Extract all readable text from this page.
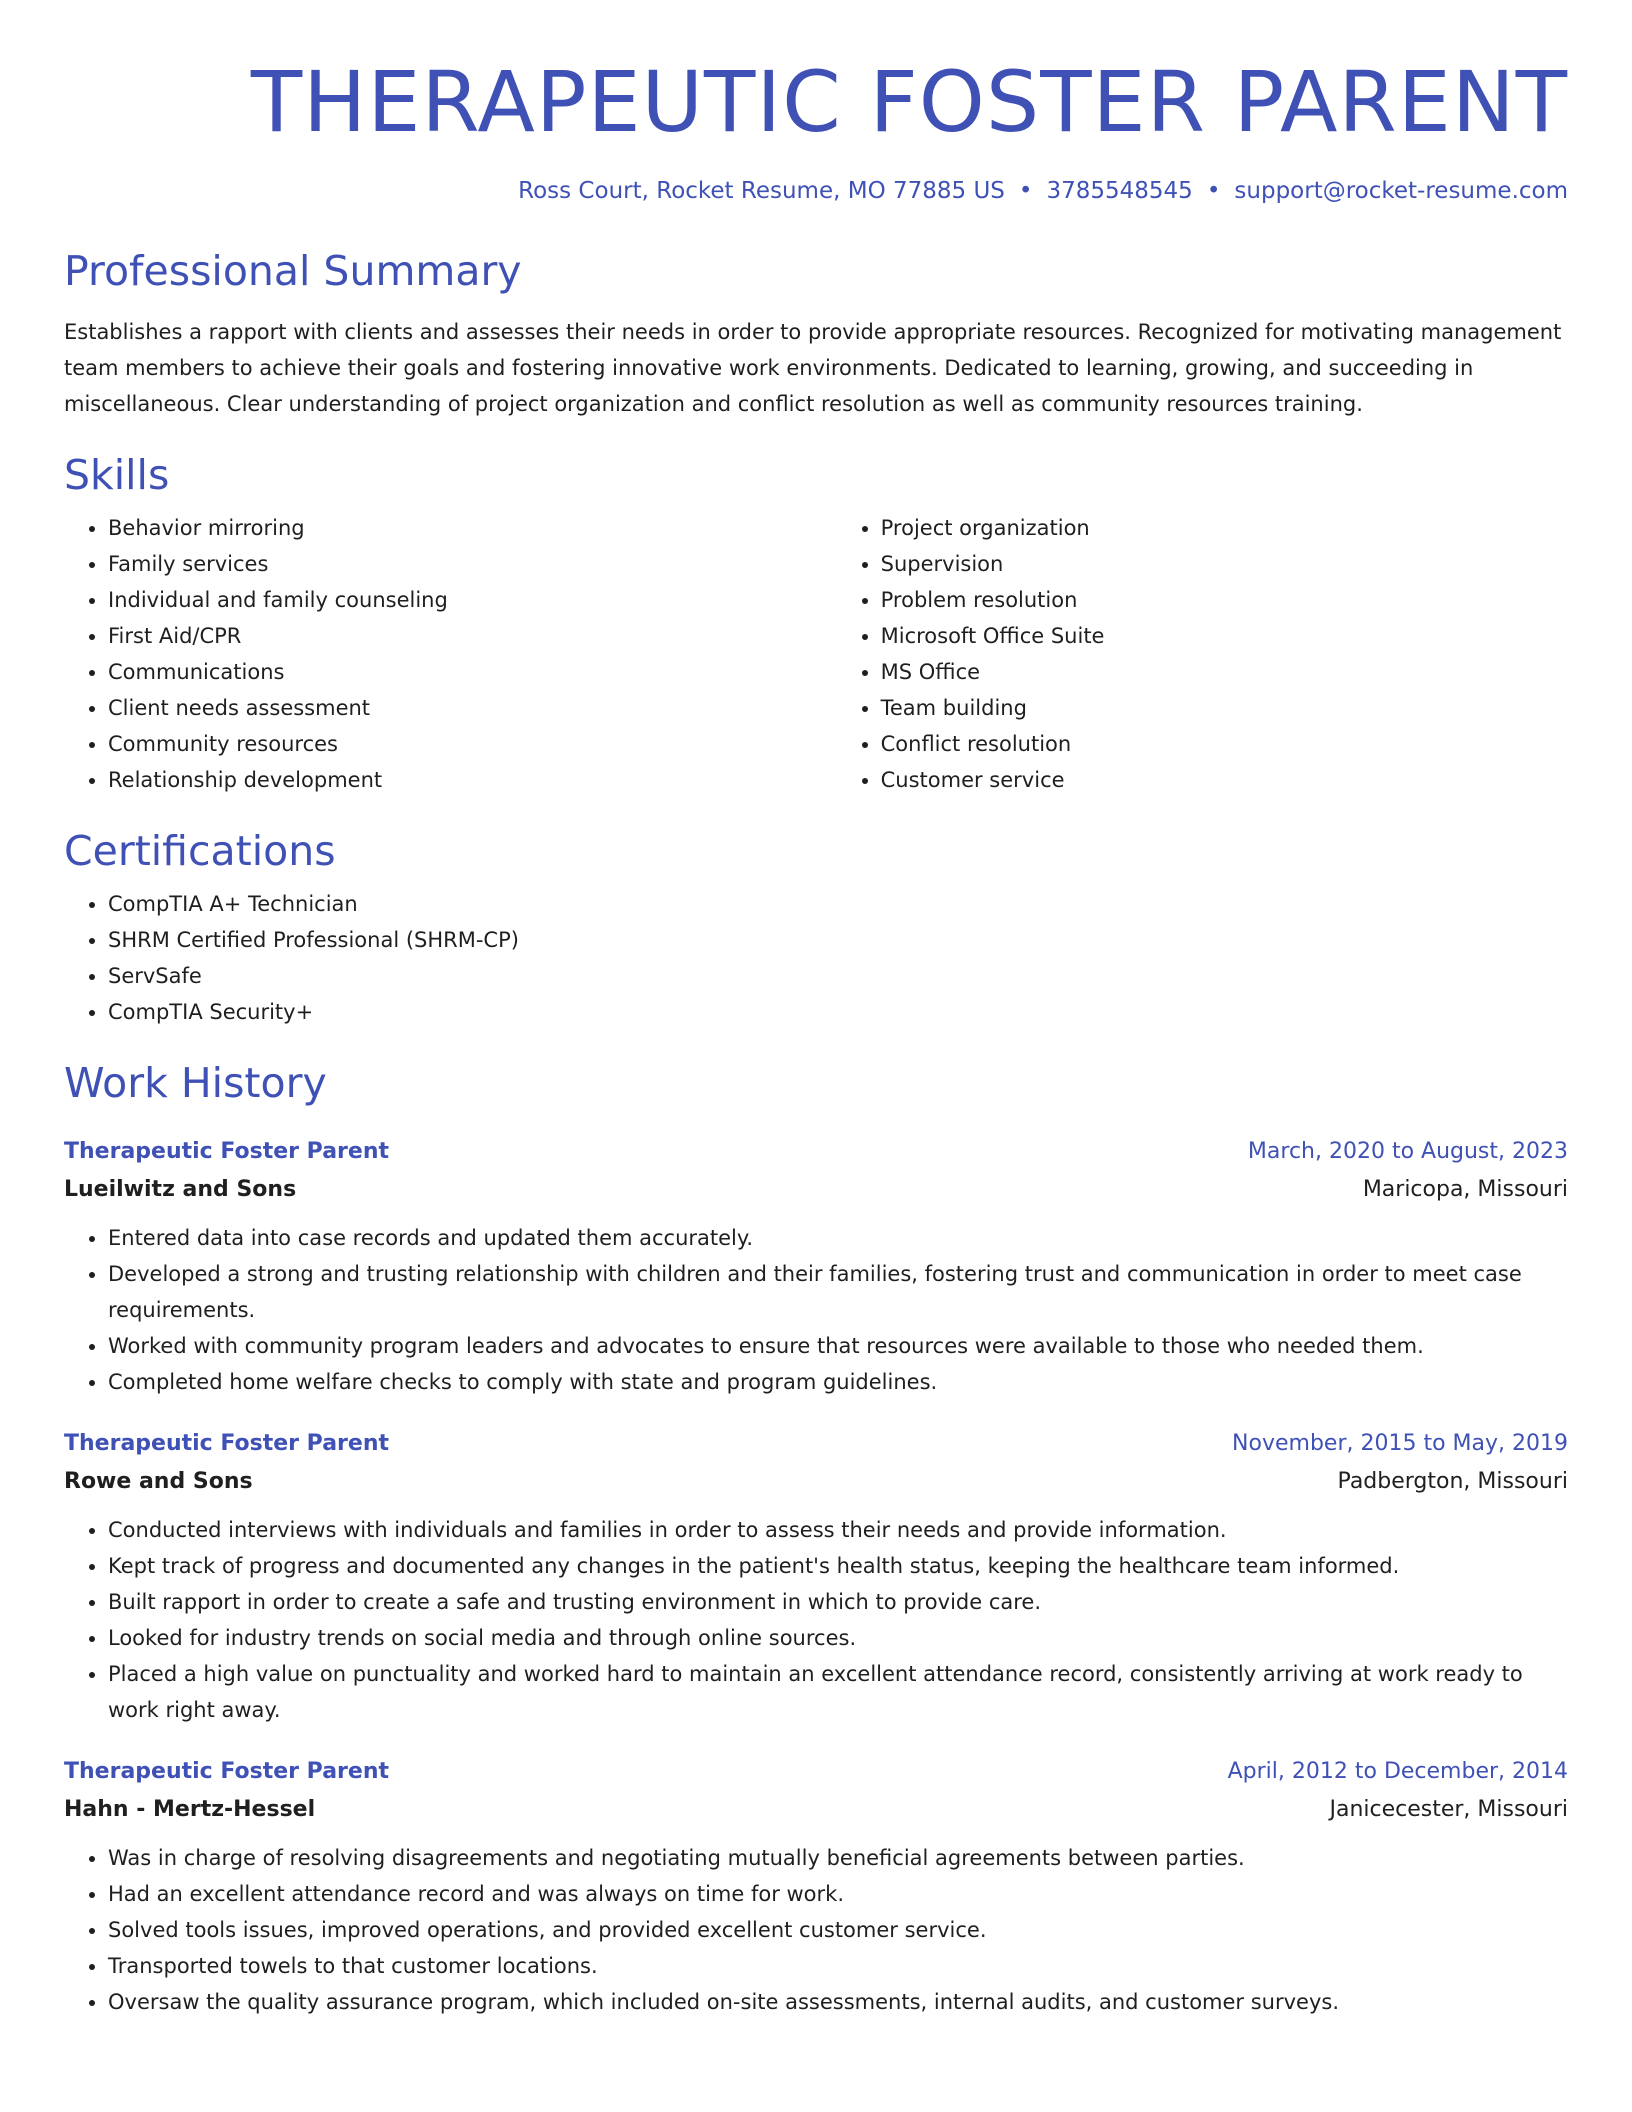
THERAPEUTIC FOSTER PARENT
Ross Court, Rocket Resume, MO 77885 US • 3785548545 • support@rocket-resume.com
Professional Summary

Establishes a rapport with clients and assesses their needs in order to provide appropriate resources. Recognized for motivating management team members to achieve their goals and fostering innovative work environments. Dedicated to learning, growing, and succeeding in miscellaneous. Clear understanding of project organization and conflict resolution as well as community resources training.

Skills
• Behavior mirroring
• Family services
• Individual and family counseling
• First Aid/CPR
• Communications
• Client needs assessment
• Community resources
• Relationship development
• Project organization
• Supervision
• Problem resolution
• Microsoft Office Suite
• MS Office
• Team building
• Conflict resolution
• Customer service
Certifications
• CompTIA A+ Technician
• SHRM Certified Professional (SHRM-CP)
• ServSafe
• CompTIA Security+
Work History
Therapeutic Foster Parent	March, 2020 to August, 2023
Lueilwitz and Sons	Maricopa, Missouri
• Entered data into case records and updated them accurately.
• Developed a strong and trusting relationship with children and their families, fostering trust and communication in order to meet case requirements.
• Worked with community program leaders and advocates to ensure that resources were available to those who needed them.
• Completed home welfare checks to comply with state and program guidelines.
Therapeutic Foster Parent	November, 2015 to May, 2019
Rowe and Sons	Padbergton, Missouri
• Conducted interviews with individuals and families in order to assess their needs and provide information.
• Kept track of progress and documented any changes in the patient's health status, keeping the healthcare team informed.
• Built rapport in order to create a safe and trusting environment in which to provide care.
• Looked for industry trends on social media and through online sources.
• Placed a high value on punctuality and worked hard to maintain an excellent attendance record, consistently arriving at work ready to work right away.
Therapeutic Foster Parent	April, 2012 to December, 2014
Hahn - Mertz-Hessel	Janicecester, Missouri
• Was in charge of resolving disagreements and negotiating mutually beneficial agreements between parties.
• Had an excellent attendance record and was always on time for work.
• Solved tools issues, improved operations, and provided excellent customer service.
• Transported towels to that customer locations.
• Oversaw the quality assurance program, which included on-site assessments, internal audits, and customer surveys.
